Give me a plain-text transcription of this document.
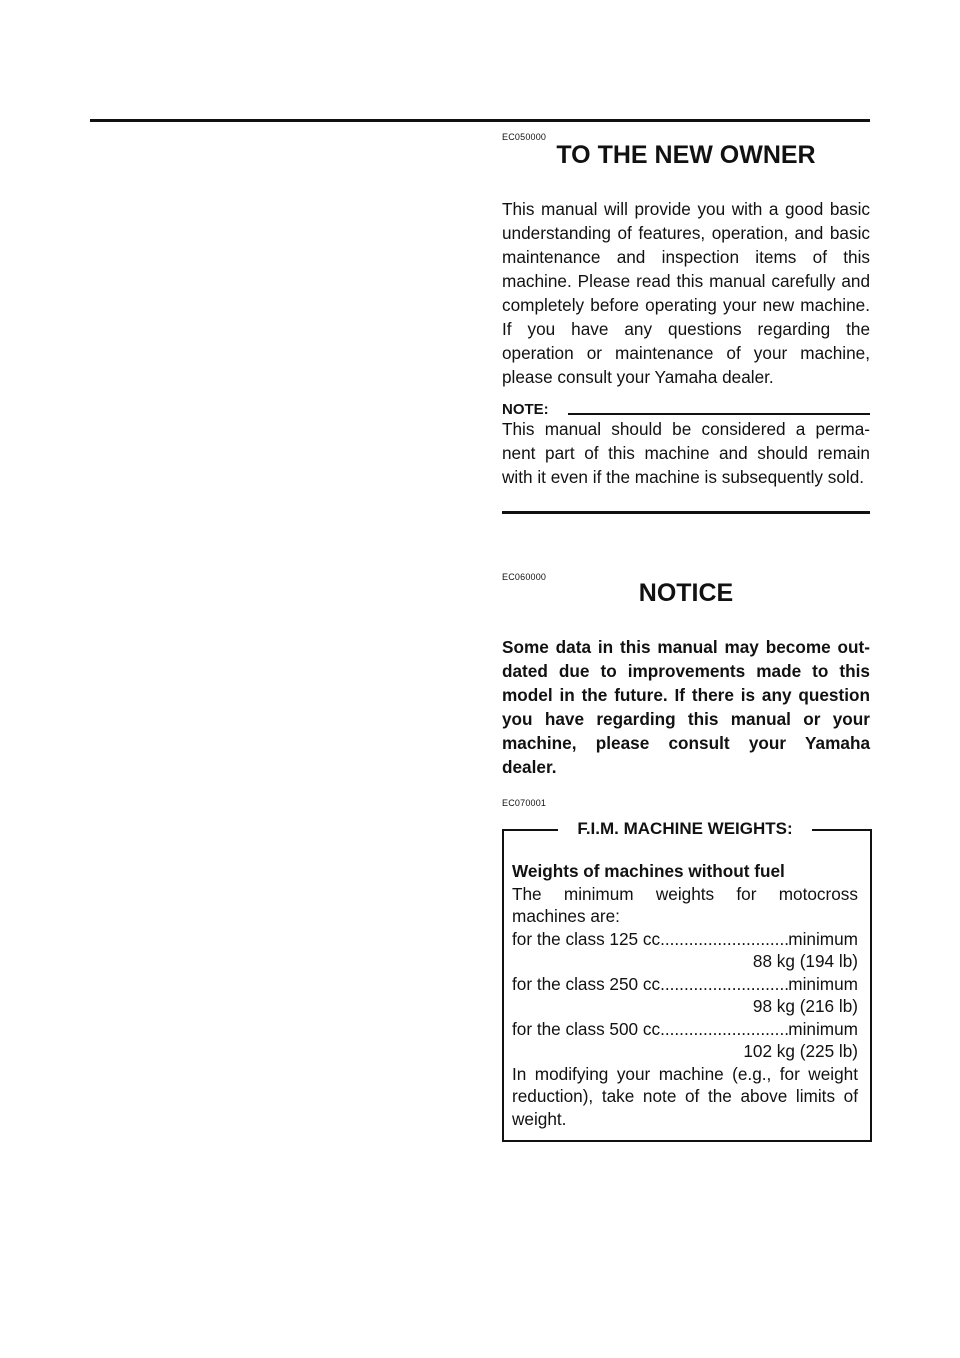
EC050000
TO THE NEW OWNER

This manual will provide you with a good basic understanding of features, operation, and basic maintenance and inspection items of this machine. Please read this manual carefully and completely before operating your new machine. If you have any questions regarding the operation or maintenance of your machine, please consult your Yamaha dealer.

NOTE:

This manual should be considered a perma-nent part of this machine and should remain with it even if the machine is subsequently sold.

EC060000
NOTICE

Some data in this manual may become out-dated due to improvements made to this model in the future. If there is any question you have regarding this manual or your machine, please consult your Yamaha dealer.

EC070001
F.I.M. MACHINE WEIGHTS:
Weights of machines without fuel
The minimum weights for motocross machines are:
for the class 125 cc .....	minimum
88 kg (194 lb)
for the class 250 cc .....	minimum
98 kg (216 lb)
for the class 500 cc .....	minimum
102 kg (225 lb)
In modifying your machine (e.g., for weight reduction), take note of the above limits of weight.
